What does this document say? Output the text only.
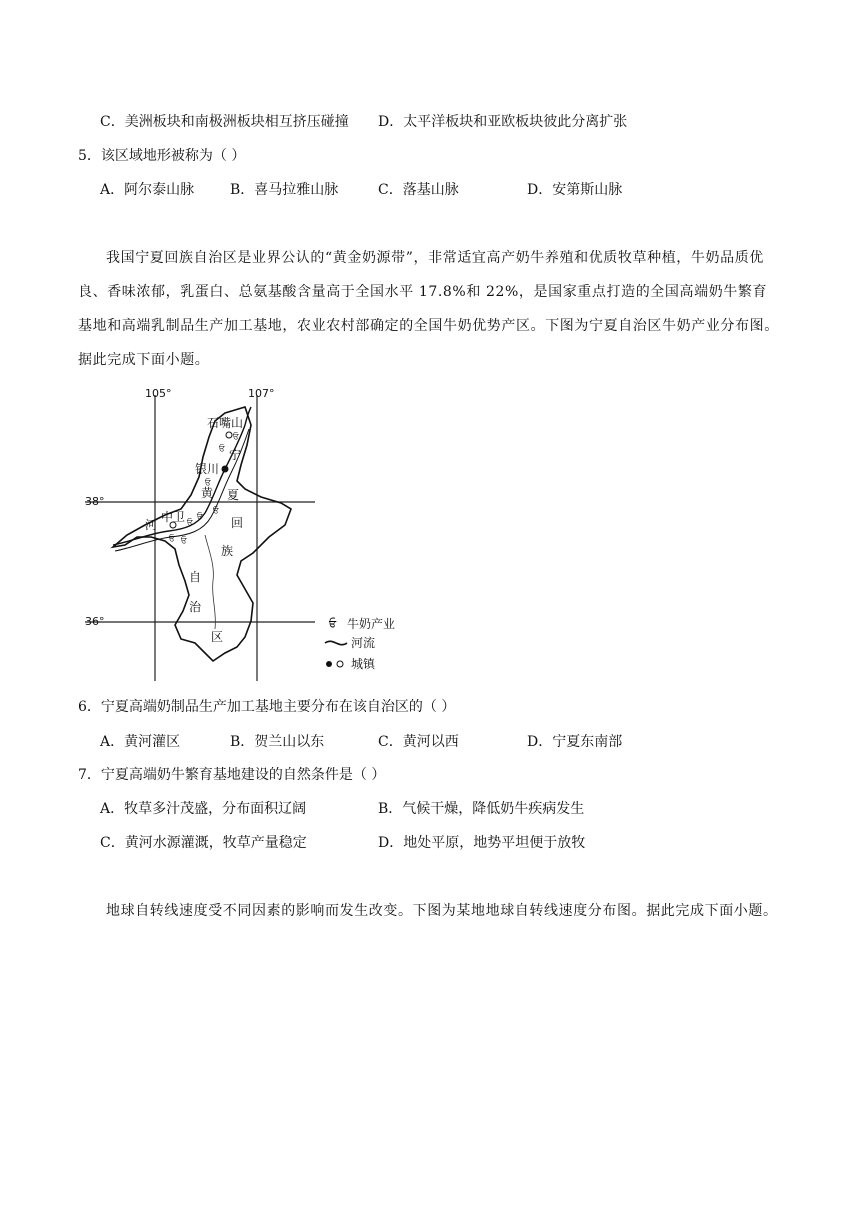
C．美洲板块和南极洲板块相互挤压碰撞 D．太平洋板块和亚欧板块彼此分离扩张
5．该区域地形被称为（ ）
A．阿尔泰山脉	B．喜马拉雅山脉	C．落基山脉	D．安第斯山脉
我国宁夏回族自治区是业界公认的“黄金奶源带”，非常适宜高产奶牛养殖和优质牧草种植，牛奶品质优良、香味浓郁，乳蛋白、总氨基酸含量高于全国水平 17.8%和 22%，是国家重点打造的全国高端奶牛繁育基地和高端乳制品生产加工基地，农业农村部确定的全国牛奶优势产区。下图为宁夏自治区牛奶产业分布图。据此完成下面小题。
105°	107°
38°
36°
石嘴山
银川
中卫
黄
河
宁
夏
回
族
自
治
区
ਓ
ਓ
ਓ
ਓ
ਓ
ਓ
ਓ ਓ
ਓ 牛奶产业
河流
城镇
6．宁夏高端奶制品生产加工基地主要分布在该自治区的（ ）
A．黄河灌区	B．贺兰山以东	C．黄河以西	D．宁夏东南部
7．宁夏高端奶牛繁育基地建设的自然条件是（ ）
A．牧草多汁茂盛，分布面积辽阔	B．气候干燥，降低奶牛疾病发生
C．黄河水源灌溉，牧草产量稳定	D．地处平原，地势平坦便于放牧
地球自转线速度受不同因素的影响而发生改变。下图为某地地球自转线速度分布图。据此完成下面小题。
